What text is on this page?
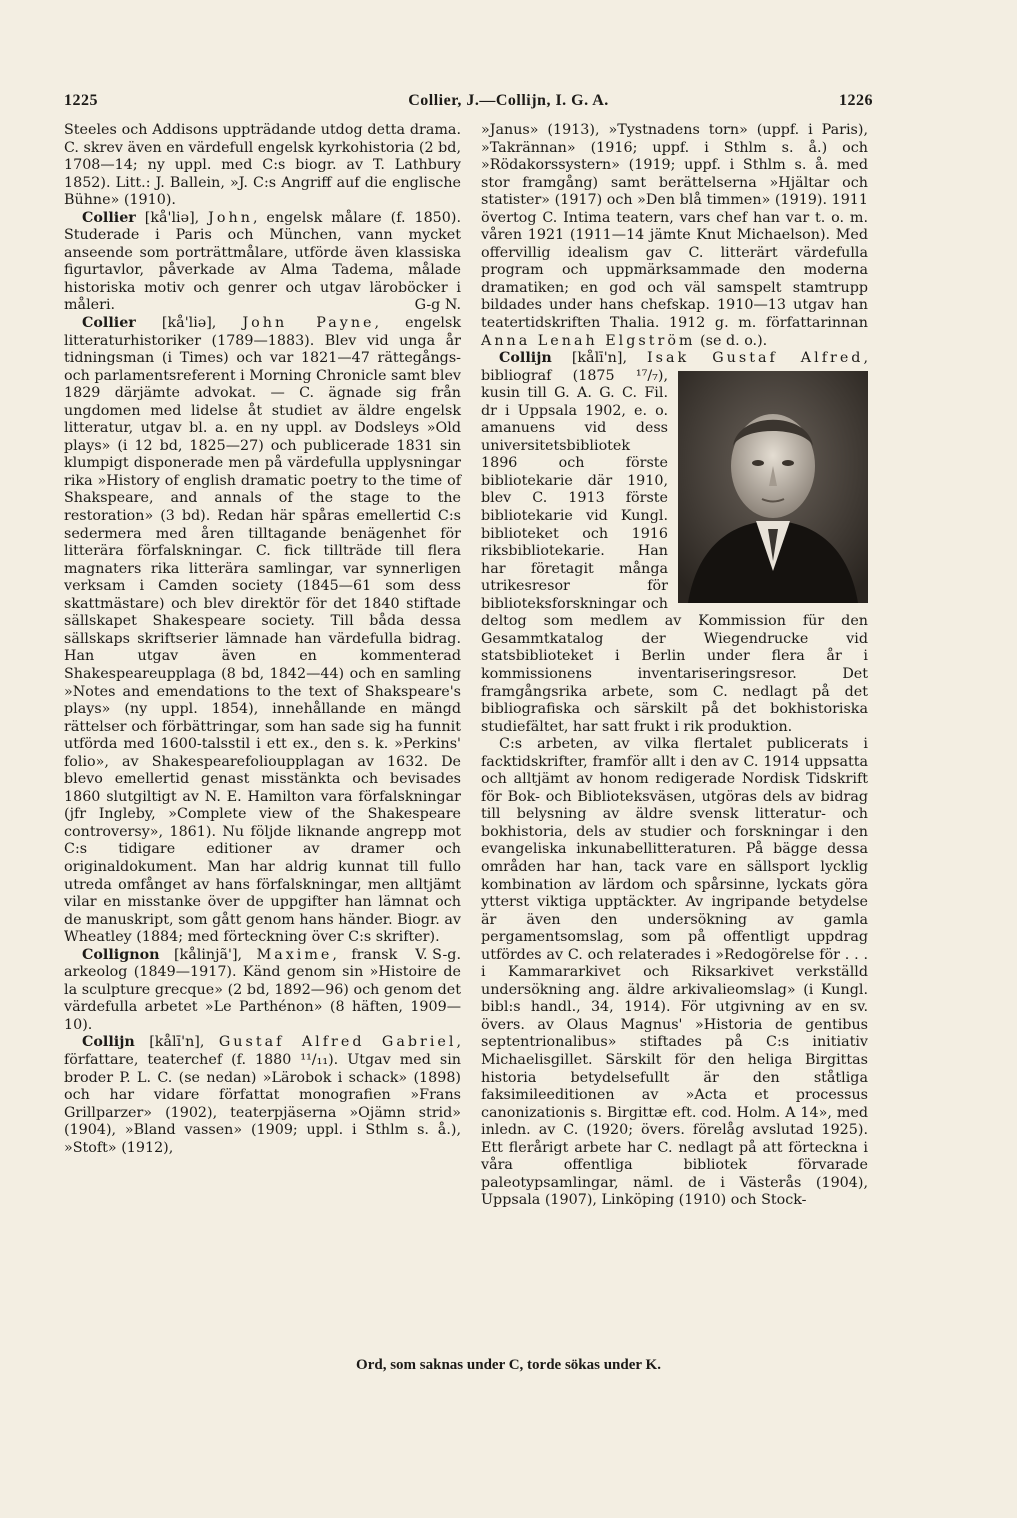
1225	Collier, J.—Collijn, I. G. A.	1226

Steeles och Addisons uppträdande utdog detta drama. C. skrev även en värdefull engelsk kyrkohistoria (2 bd, 1708—14; ny uppl. med C:s biogr. av T. Lathbury 1852). Litt.: J. Ballein, »J. C:s Angriff auf die englische Bühne» (1910).

Collier [kå'liə], John, engelsk målare (f. 1850). Studerade i Paris och München, vann mycket anseende som porträttmålare, utförde även klassiska figurtavlor, påverkade av Alma Tadema, målade historiska motiv och genrer och utgav läroböcker i måleri.	G-g N.

Collier [kå'liə], John Payne, engelsk litteraturhistoriker (1789—1883). Blev vid unga år tidningsman (i Times) och var 1821—47 rättegångs- och parlamentsreferent i Morning Chronicle samt blev 1829 därjämte advokat. — C. ägnade sig från ungdomen med lidelse åt studiet av äldre engelsk litteratur, utgav bl. a. en ny uppl. av Dodsleys »Old plays» (i 12 bd, 1825—27) och publicerade 1831 sin klumpigt disponerade men på värdefulla upplysningar rika »History of english dramatic poetry to the time of Shakspeare, and annals of the stage to the restoration» (3 bd). Redan här spåras emellertid C:s sedermera med åren tilltagande benägenhet för litterära förfalskningar. C. fick tillträde till flera magnaters rika litterära samlingar, var synnerligen verksam i Camden society (1845—61 som dess skattmästare) och blev direktör för det 1840 stiftade sällskapet Shakespeare society. Till båda dessa sällskaps skriftserier lämnade han värdefulla bidrag. Han utgav även en kommenterad Shakespeareupplaga (8 bd, 1842—44) och en samling »Notes and emendations to the text of Shakspeare's plays» (ny uppl. 1854), innehållande en mängd rättelser och förbättringar, som han sade sig ha funnit utförda med 1600-talsstil i ett ex., den s. k. »Perkins' folio», av Shakespearefolioupplagan av 1632. De blevo emellertid genast misstänkta och bevisades 1860 slutgiltigt av N. E. Hamilton vara förfalskningar (jfr Ingleby, »Complete view of the Shakespeare controversy», 1861). Nu följde liknande angrepp mot C:s tidigare editioner av dramer och originaldokument. Man har aldrig kunnat till fullo utreda omfånget av hans förfalskningar, men alltjämt vilar en misstanke över de uppgifter han lämnat och de manuskript, som gått genom hans händer. Biogr. av Wheatley (1884; med förteckning över C:s skrifter).
V. S-g.

Collignon [kålinjã'], Maxime, fransk arkeolog (1849—1917). Känd genom sin »Histoire de la sculpture grecque» (2 bd, 1892—96) och genom det värdefulla arbetet »Le Parthénon» (8 häften, 1909—10).

Collijn [kålī'n], Gustaf Alfred Gabriel, författare, teaterchef (f. 1880 ¹¹/₁₁). Utgav med sin broder P. L. C. (se nedan) »Lärobok i schack» (1898) och har vidare författat monografien »Frans Grillparzer» (1902), teaterpjäserna »Ojämn strid» (1904), »Bland vassen» (1909; uppl. i Sthlm s. å.), »Stoft» (1912),

»Janus» (1913), »Tystnadens torn» (uppf. i Paris), »Takrännan» (1916; uppf. i Sthlm s. å.) och »Rödakorssystern» (1919; uppf. i Sthlm s. å. med stor framgång) samt berättelserna »Hjältar och statister» (1917) och »Den blå timmen» (1919). 1911 övertog C. Intima teatern, vars chef han var t. o. m. våren 1921 (1911—14 jämte Knut Michaelson). Med offervillig idealism gav C. litterärt värdefulla program och uppmärksammade den moderna dramatiken; en god och väl samspelt stamtrupp bildades under hans chefskap. 1910—13 utgav han teatertidskriften Thalia. 1912 g. m. författarinnan Anna Lenah Elgström (se d. o.).

Collijn [kålī'n], Isak Gustaf Alfred
, bibliograf (1875 ¹⁷/₇), kusin till G. A. G. C. Fil. dr i Uppsala 1902, e. o. amanuens vid dess universitetsbibliotek 1896 och förste bibliotekarie där 1910, blev C. 1913 förste bibliotekarie vid Kungl. biblioteket och 1916 riksbibliotekarie. Han har företagit många utrikesresor för biblioteksforskningar och deltog som medlem av Kommission für den Gesammtkatalog der Wiegendrucke vid statsbiblioteket i Berlin under flera år i kommissionens inventariseringsresor. Det framgångsrika arbete, som C. nedlagt på det bibliografiska och särskilt på det bokhistoriska studiefältet, har satt frukt i rik produktion.

C:s arbeten, av vilka flertalet publicerats i facktidskrifter, framför allt i den av C. 1914 uppsatta och alltjämt av honom redigerade Nordisk Tidskrift för Bok- och Biblioteksväsen, utgöras dels av bidrag till belysning av äldre svensk litteratur- och bokhistoria, dels av studier och forskningar i den evangeliska inkunabellitteraturen. På bägge dessa områden har han, tack vare en sällsport lycklig kombination av lärdom och spårsinne, lyckats göra ytterst viktiga upptäckter. Av ingripande betydelse är även den undersökning av gamla pergamentsomslag, som på offentligt uppdrag utfördes av C. och relaterades i »Redogörelse för . . . i Kammararkivet och Riksarkivet verkställd undersökning ang. äldre arkivalieomslag» (i Kungl. bibl:s handl., 34, 1914). För utgivning av en sv. övers. av Olaus Magnus' »Historia de gentibus septentrionalibus» stiftades på C:s initiativ Michaelisgillet. Särskilt för den heliga Birgittas historia betydelsefullt är den ståtliga faksimileeditionen av »Acta et processus canonizationis s. Birgittæ eft. cod. Holm. A 14», med inledn. av C. (1920; övers. förelåg avslutad 1925). Ett flerårigt arbete har C. nedlagt på att förteckna i våra offentliga bibliotek förvarade paleotypsamlingar, näml. de i Västerås (1904), Uppsala (1907), Linköping (1910) och Stock-

Ord, som saknas under C, torde sökas under K.
